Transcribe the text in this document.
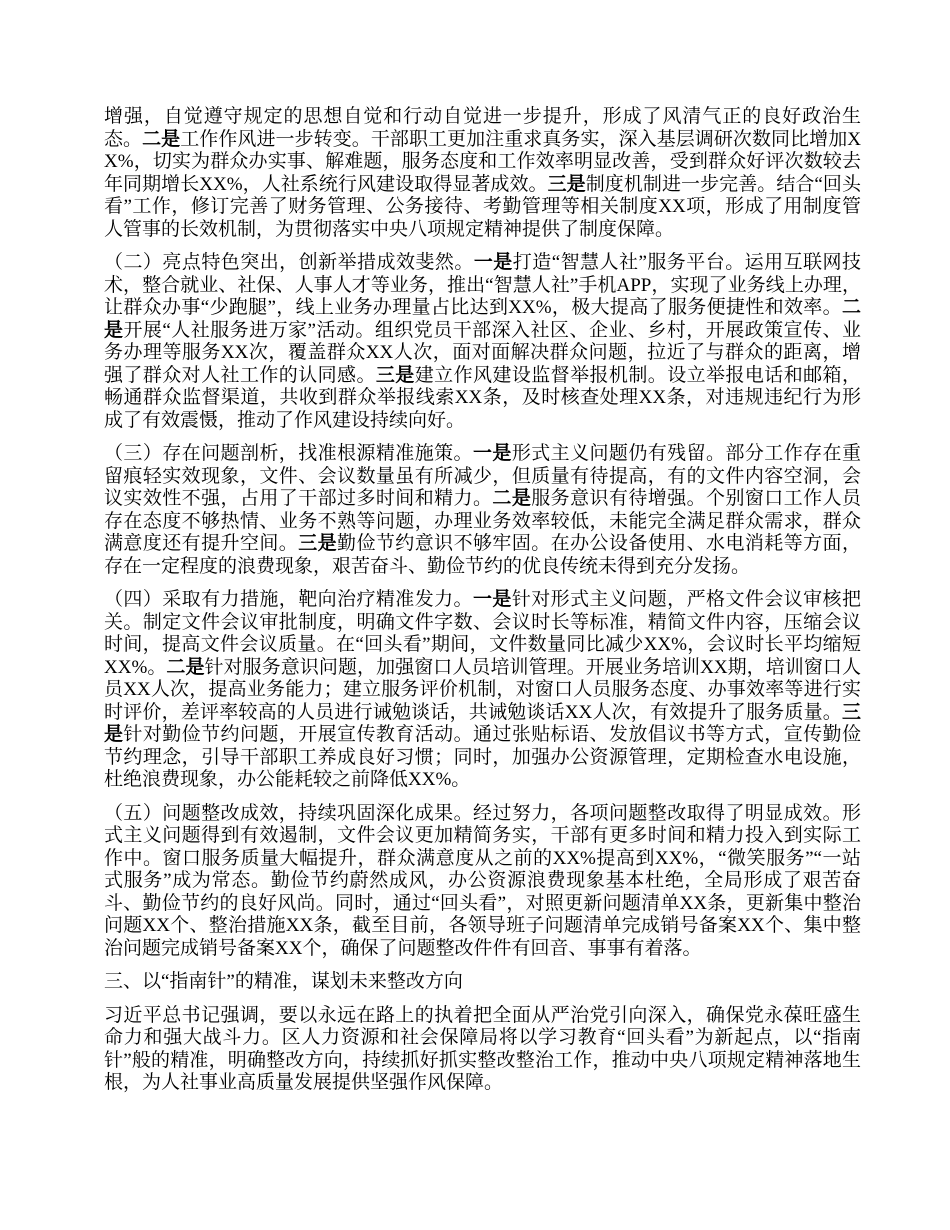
增强，自觉遵守规定的思想自觉和行动自觉进一步提升，形成了风清气正的良好政治生态。二是工作作风进一步转变。干部职工更加注重求真务实，深入基层调研次数同比增加XX%，切实为群众办实事、解难题，服务态度和工作效率明显改善，受到群众好评次数较去年同期增长XX%，人社系统行风建设取得显著成效。三是制度机制进一步完善。结合“回头看”工作，修订完善了财务管理、公务接待、考勤管理等相关制度XX项，形成了用制度管人管事的长效机制，为贯彻落实中央八项规定精神提供了制度保障。

（二）亮点特色突出，创新举措成效斐然。一是打造“智慧人社”服务平台。运用互联网技术，整合就业、社保、人事人才等业务，推出“智慧人社”手机APP，实现了业务线上办理，让群众办事“少跑腿”，线上业务办理量占比达到XX%，极大提高了服务便捷性和效率。二是开展“人社服务进万家”活动。组织党员干部深入社区、企业、乡村，开展政策宣传、业务办理等服务XX次，覆盖群众XX人次，面对面解决群众问题，拉近了与群众的距离，增强了群众对人社工作的认同感。三是建立作风建设监督举报机制。设立举报电话和邮箱，畅通群众监督渠道，共收到群众举报线索XX条，及时核查处理XX条，对违规违纪行为形成了有效震慑，推动了作风建设持续向好。

（三）存在问题剖析，找准根源精准施策。一是形式主义问题仍有残留。部分工作存在重留痕轻实效现象，文件、会议数量虽有所减少，但质量有待提高，有的文件内容空洞，会议实效性不强，占用了干部过多时间和精力。二是服务意识有待增强。个别窗口工作人员存在态度不够热情、业务不熟等问题，办理业务效率较低，未能完全满足群众需求，群众满意度还有提升空间。三是勤俭节约意识不够牢固。在办公设备使用、水电消耗等方面，存在一定程度的浪费现象，艰苦奋斗、勤俭节约的优良传统未得到充分发扬。

（四）采取有力措施，靶向治疗精准发力。一是针对形式主义问题，严格文件会议审核把关。制定文件会议审批制度，明确文件字数、会议时长等标准，精简文件内容，压缩会议时间，提高文件会议质量。在“回头看”期间，文件数量同比减少XX%，会议时长平均缩短XX%。二是针对服务意识问题，加强窗口人员培训管理。开展业务培训XX期，培训窗口人员XX人次，提高业务能力；建立服务评价机制，对窗口人员服务态度、办事效率等进行实时评价，差评率较高的人员进行诫勉谈话，共诫勉谈话XX人次，有效提升了服务质量。三是针对勤俭节约问题，开展宣传教育活动。通过张贴标语、发放倡议书等方式，宣传勤俭节约理念，引导干部职工养成良好习惯；同时，加强办公资源管理，定期检查水电设施，杜绝浪费现象，办公能耗较之前降低XX%。

（五）问题整改成效，持续巩固深化成果。经过努力，各项问题整改取得了明显成效。形式主义问题得到有效遏制，文件会议更加精简务实，干部有更多时间和精力投入到实际工作中。窗口服务质量大幅提升，群众满意度从之前的XX%提高到XX%，“微笑服务”“一站式服务”成为常态。勤俭节约蔚然成风，办公资源浪费现象基本杜绝，全局形成了艰苦奋斗、勤俭节约的良好风尚。同时，通过“回头看”，对照更新问题清单XX条，更新集中整治问题XX个、整治措施XX条，截至目前，各领导班子问题清单完成销号备案XX个、集中整治问题完成销号备案XX个，确保了问题整改件件有回音、事事有着落。

三、以“指南针”的精准，谋划未来整改方向

习近平总书记强调，要以永远在路上的执着把全面从严治党引向深入，确保党永葆旺盛生命力和强大战斗力。区人力资源和社会保障局将以学习教育“回头看”为新起点，以“指南针”般的精准，明确整改方向，持续抓好抓实整改整治工作，推动中央八项规定精神落地生根，为人社事业高质量发展提供坚强作风保障。
